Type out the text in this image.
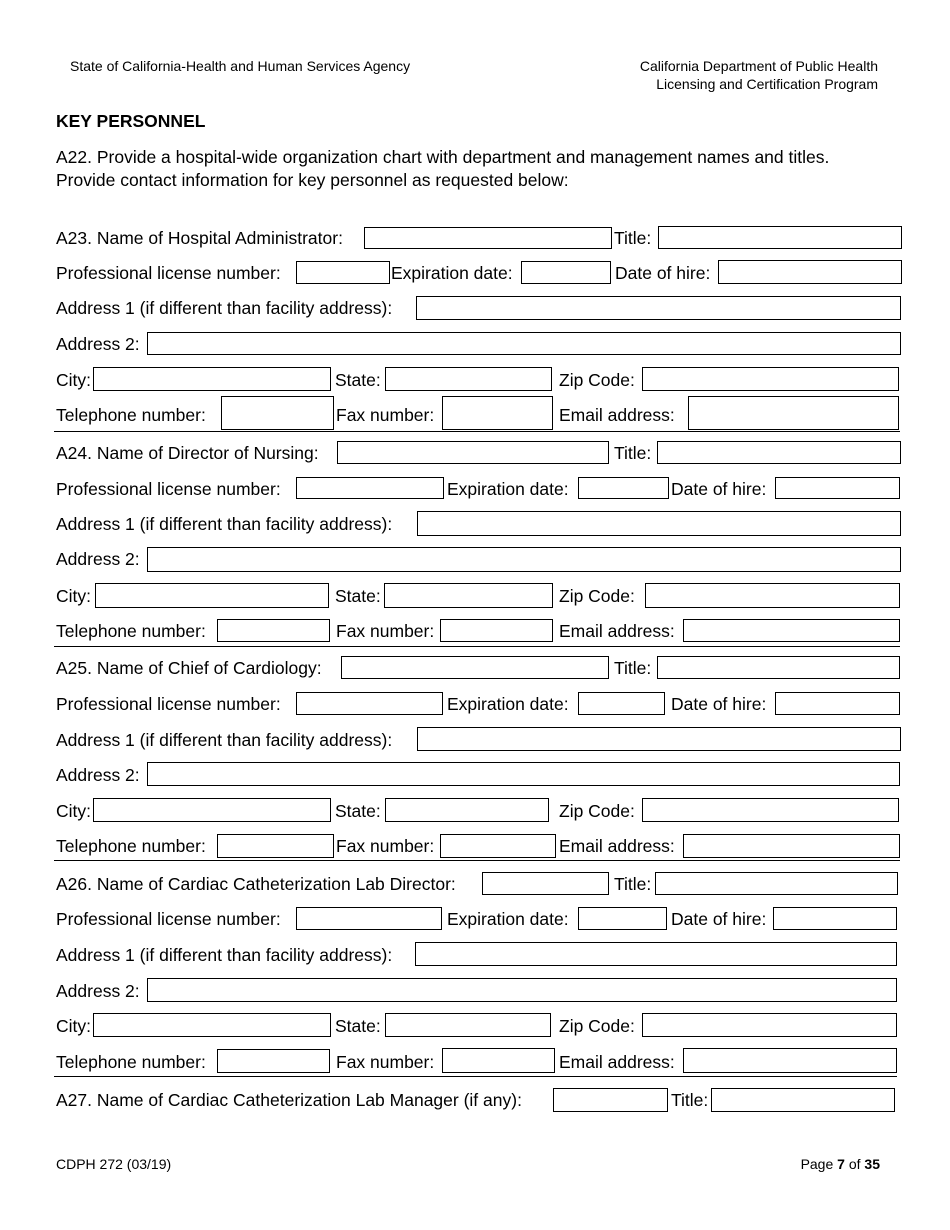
State of California-Health and Human Services Agency	California Department of Public Health
Licensing and Certification Program
KEY PERSONNEL
A22. Provide a hospital-wide organization chart with department and management names and titles.
Provide contact information for key personnel as requested below:
A23. Name of Hospital Administrator:	Title:
Professional license number:	Expiration date:	Date of hire:
Address 1 (if different than facility address):
Address 2:
City:	State:	Zip Code:
Telephone number:	Fax number:	Email address:
A24. Name of Director of Nursing:	Title:
Professional license number:	Expiration date:	Date of hire:
Address 1 (if different than facility address):
Address 2:
City:	State:	Zip Code:
Telephone number:	Fax number:	Email address:
A25. Name of Chief of Cardiology:	Title:
Professional license number:	Expiration date:	Date of hire:
Address 1 (if different than facility address):
Address 2:
City:	State:	Zip Code:
Telephone number:	Fax number:	Email address:
A26. Name of Cardiac Catheterization Lab Director:	Title:
Professional license number:	Expiration date:	Date of hire:
Address 1 (if different than facility address):
Address 2:
City:	State:	Zip Code:
Telephone number:	Fax number:	Email address:
A27. Name of Cardiac Catheterization Lab Manager (if any):	Title:
CDPH 272 (03/19)	Page 7 of 35
